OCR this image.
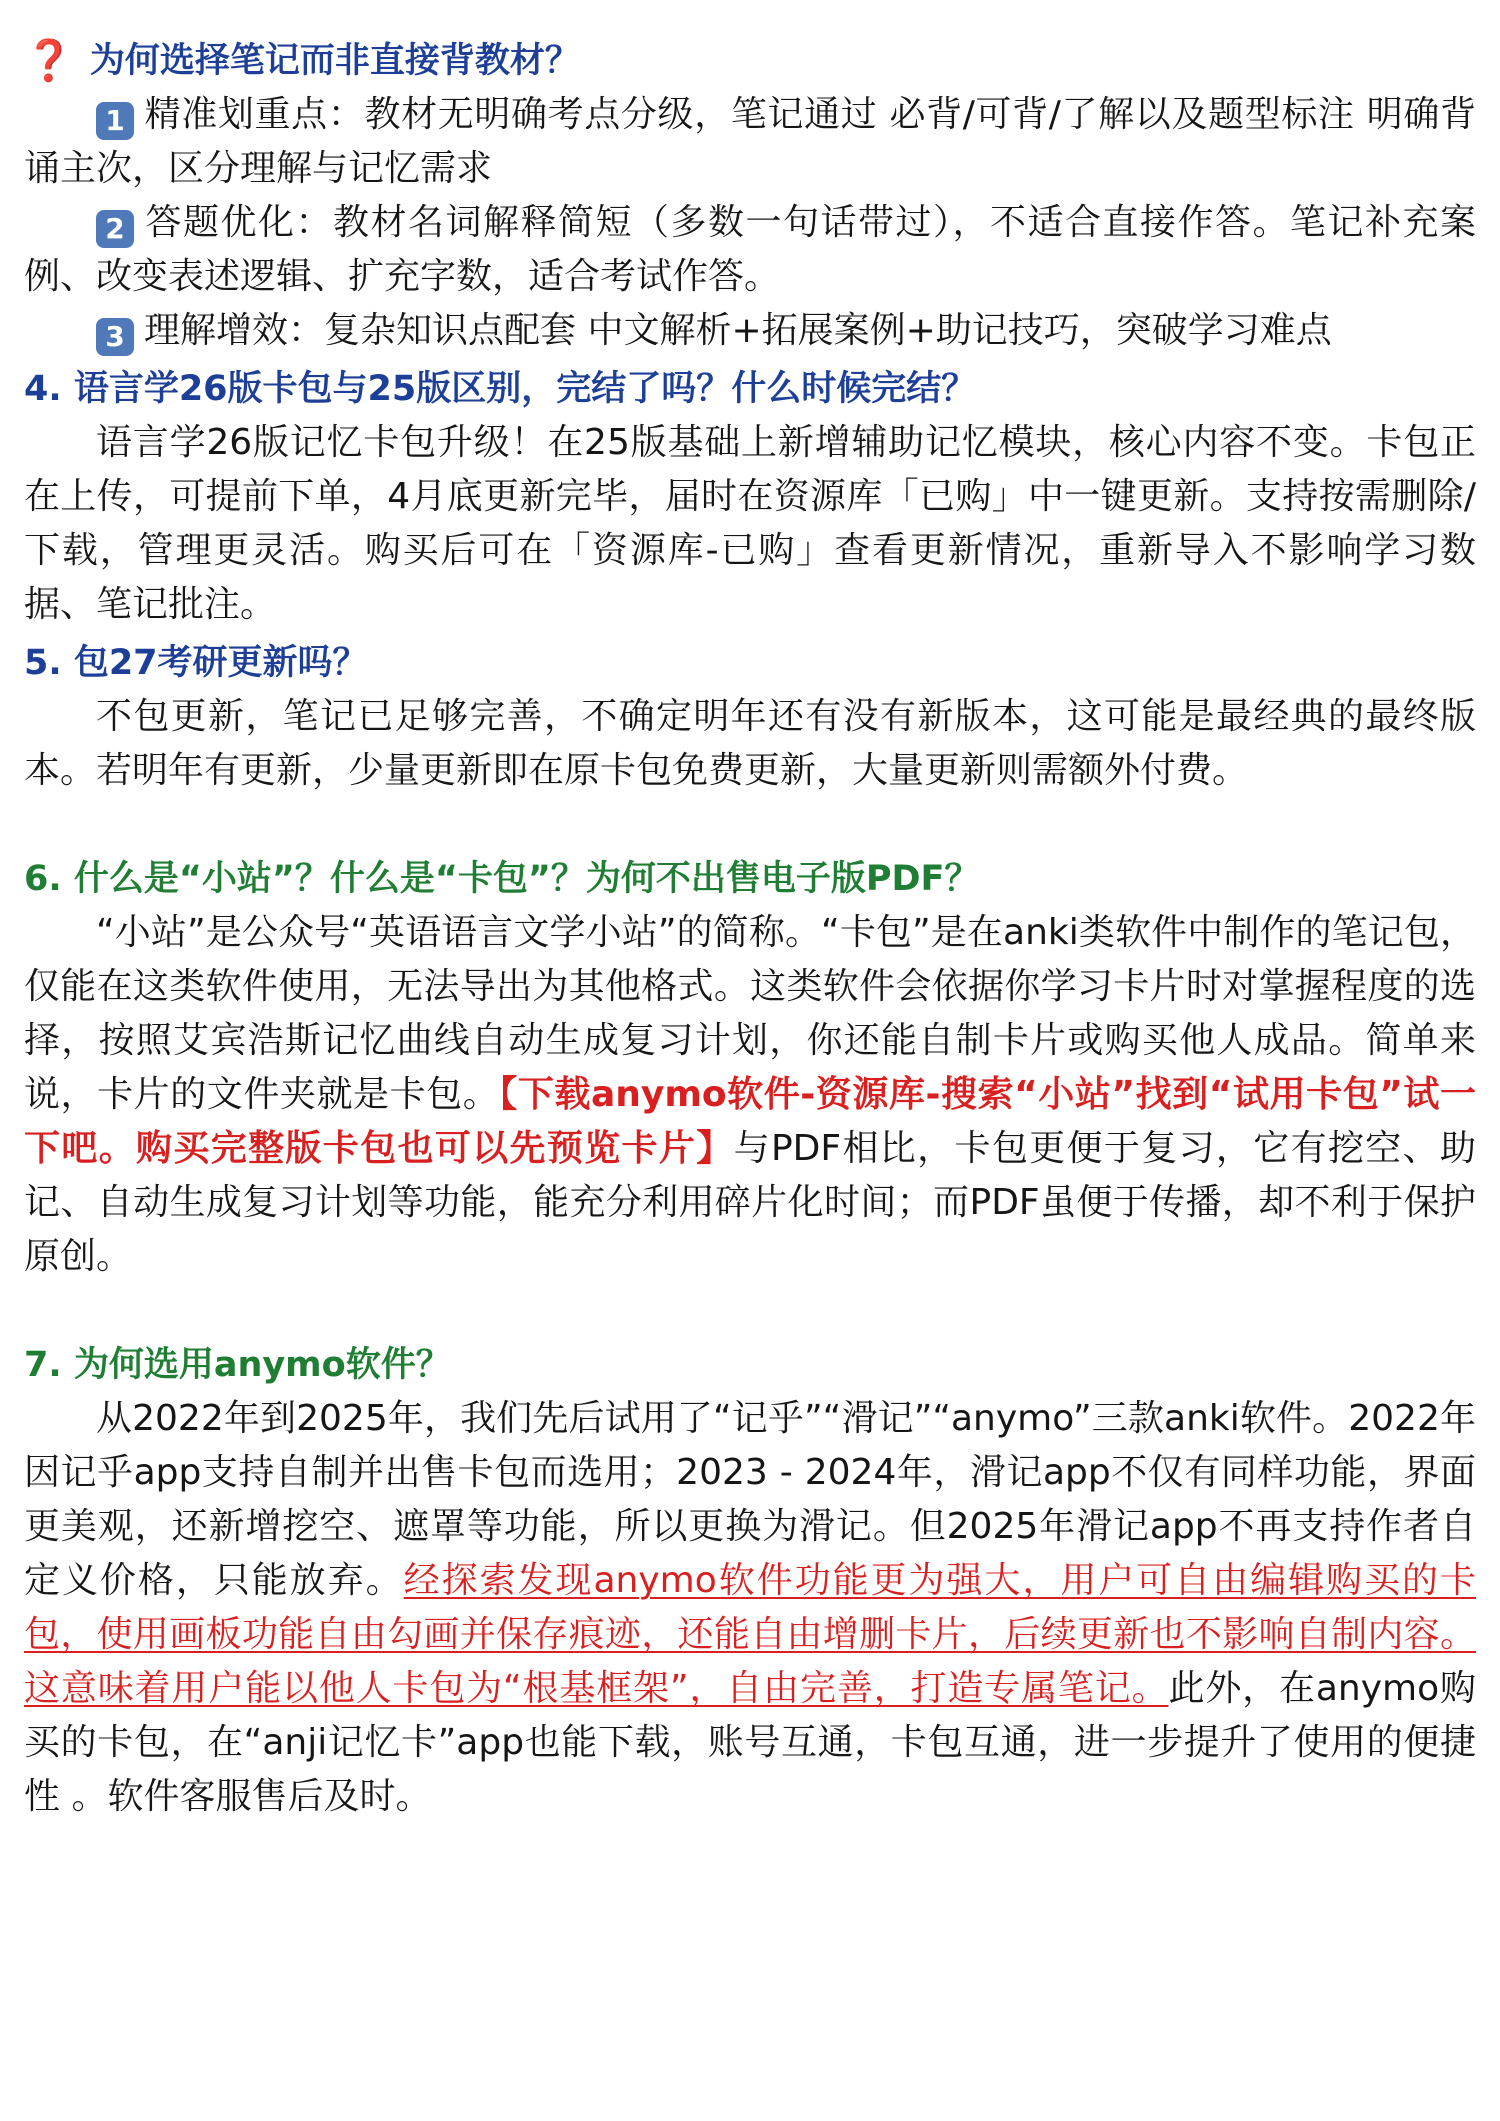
❓ 为何选择笔记而非直接背教材？

1 精准划重点：教材无明确考点分级，笔记通过 必背/可背/了解以及题型标注 明确背诵主次，区分理解与记忆需求

2 答题优化：教材名词解释简短（多数一句话带过），不适合直接作答。笔记补充案例、改变表述逻辑、扩充字数，适合考试作答。

3 理解增效：复杂知识点配套 中文解析+拓展案例+助记技巧，突破学习难点

4. 语言学26版卡包与25版区别，完结了吗？什么时候完结？

语言学26版记忆卡包升级！在25版基础上新增辅助记忆模块，核心内容不变。卡包正在上传，可提前下单，4月底更新完毕，届时在资源库「已购」中一键更新。支持按需删除/下载，管理更灵活。购买后可在「资源库-已购」查看更新情况，重新导入不影响学习数据、笔记批注。

5. 包27考研更新吗？

不包更新，笔记已足够完善，不确定明年还有没有新版本，这可能是最经典的最终版本。若明年有更新，少量更新即在原卡包免费更新，大量更新则需额外付费。

6. 什么是“小站”？什么是“卡包”？为何不出售电子版PDF？

“小站”是公众号“英语语言文学小站”的简称。“卡包”是在anki类软件中制作的笔记包，仅能在这类软件使用，无法导出为其他格式。这类软件会依据你学习卡片时对掌握程度的选择，按照艾宾浩斯记忆曲线自动生成复习计划，你还能自制卡片或购买他人成品。简单来说，卡片的文件夹就是卡包。【下载anymo软件-资源库-搜索“小站”找到“试用卡包”试一下吧。购买完整版卡包也可以先预览卡片】与PDF相比，卡包更便于复习，它有挖空、助记、自动生成复习计划等功能，能充分利用碎片化时间；而PDF虽便于传播，却不利于保护原创。

7. 为何选用anymo软件？

从2022年到2025年，我们先后试用了“记乎”“滑记”“anymo”三款anki软件。2022年因记乎app支持自制并出售卡包而选用；2023 - 2024年，滑记app不仅有同样功能，界面更美观，还新增挖空、遮罩等功能，所以更换为滑记。但2025年滑记app不再支持作者自定义价格，只能放弃。经探索发现anymo软件功能更为强大，用户可自由编辑购买的卡包，使用画板功能自由勾画并保存痕迹，还能自由增删卡片，后续更新也不影响自制内容。这意味着用户能以他人卡包为“根基框架”，自由完善，打造专属笔记。此外，在anymo购买的卡包，在“anji记忆卡”app也能下载，账号互通，卡包互通，进一步提升了使用的便捷性 。软件客服售后及时。
